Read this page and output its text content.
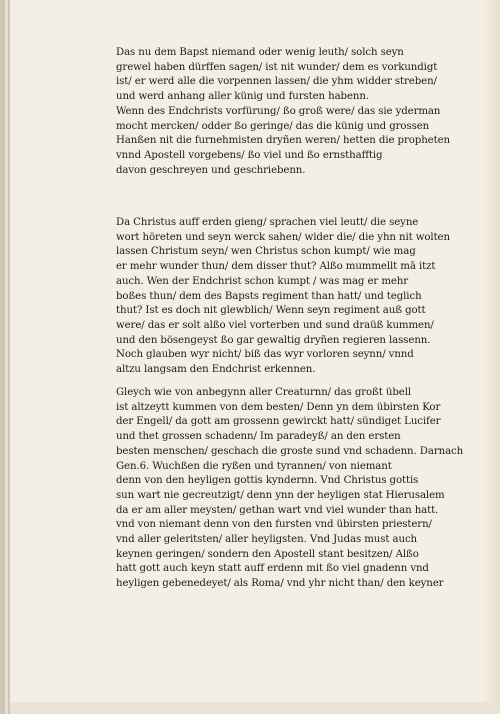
Das nu dem Bapst niemand oder wenig leuth/ solch seyn
grewel haben dürffen sagen/ ist nit wunder/ dem es vorkundigt
ist/ er werd alle die vorpennen lassen/ die yhm widder streben/
und werd anhang aller künig und fursten habenn.
Wenn des Endchrists vorfürung/ ßo groß were/ das sie yderman
mocht mercken/ odder ßo geringe/ das die künig und grossen
Hanßen nit die furnehmisten dryñen weren/ hetten die propheten
vnnd Apostell vorgebens/ ßo viel und ßo ernsthafftig
davon geschreyen und geschriebenn.
Da Christus auff erden gieng/ sprachen viel leutt/ die seyne
wort höreten und seyn werck sahen/ wider die/ die yhn nit wolten
lassen Christum seyn/ wen Christus schon kumpt/ wie mag
er mehr wunder thun/ dem disser thut? Alßo mummellt mā itzt
auch. Wen der Endchrist schon kumpt / was mag er mehr
boßes thun/ dem des Bapsts regiment than hatt/ und teglich
thut? Ist es doch nit glewblich/ Wenn seyn regiment auß gott
were/ das er solt alßo viel vorterben und sund draüß kummen/
und den bösengeyst ßo gar gewaltig dryñen regieren lassenn.
Noch glauben wyr nicht/ biß das wyr vorloren seynn/ vnnd
altzu langsam den Endchrist erkennen.
Gleych wie von anbegynn aller Creaturnn/ das großt übell
ist altzeytt kummen von dem besten/ Denn yn dem übirsten Kor
der Engell/ da gott am grossenn gewirckt hatt/ sündiget Lucifer
und thet grossen schadenn/ Im paradeyß/ an den ersten
besten menschen/ geschach die groste sund vnd schadenn. Darnach
Gen.6. Wuchßen die ryßen und tyrannen/ von niemant
denn von den heyligen gottis kyndernn. Vnd Christus gottis
sun wart nie gecreutzigt/ denn ynn der heyligen stat Hierusalem
da er am aller meysten/ gethan wart vnd viel wunder than hatt.
vnd von niemant denn von den fursten vnd übirsten priestern/
vnd aller geleritsten/ aller heyligsten. Vnd Judas must auch
keynen geringen/ sondern den Apostell stant besitzen/ Alßo
hatt gott auch keyn statt auff erdenn mit ßo viel gnadenn vnd
heyligen gebenedeyet/ als Roma/ vnd yhr nicht than/ den keyner
